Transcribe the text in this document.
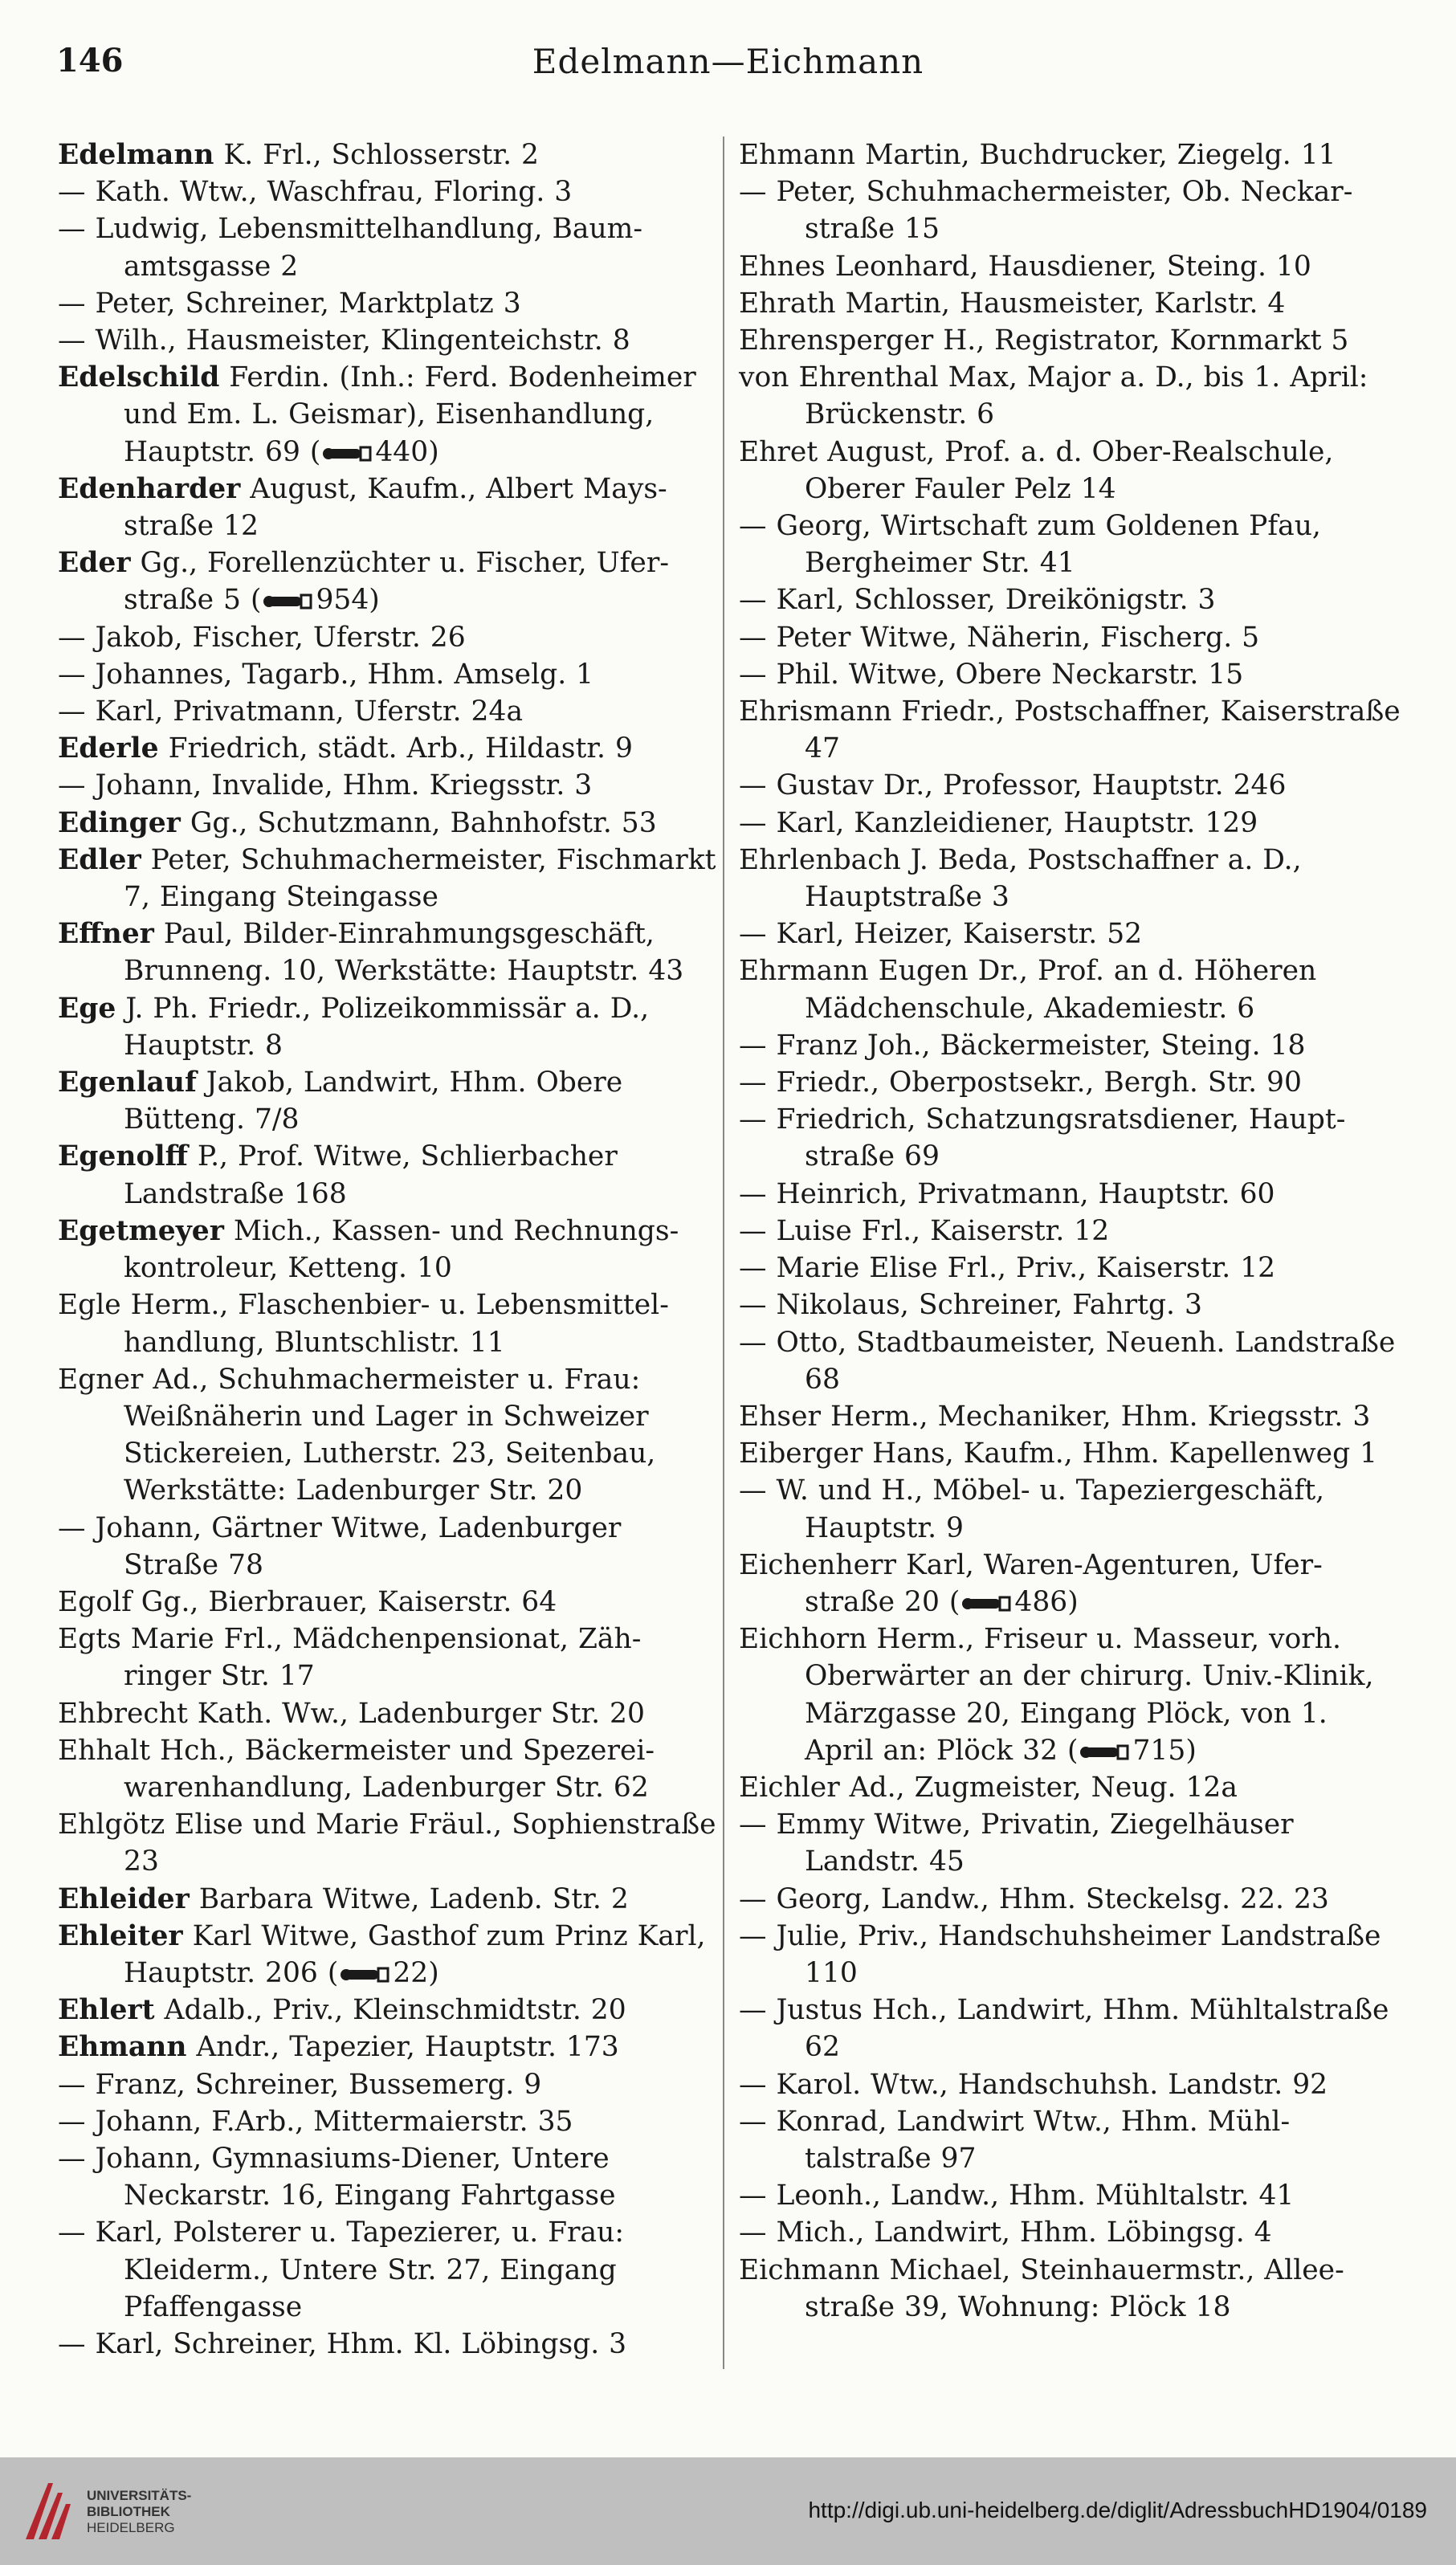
146	Edelmann—Eichmann

Edelmann K. Frl., Schlosserstr. 2

— Kath. Wtw., Waschfrau, Floring. 3

— Ludwig, Lebensmittelhandlung, Baumamtsgasse 2

— Peter, Schreiner, Marktplatz 3

— Wilh., Hausmeister, Klingenteichstr. 8

Edelschild Ferdin. (Inh.: Ferd. Bodenheimer und Em. L. Geismar), Eisenhandlung, Hauptstr. 69 ( 440)

Edenharder August, Kaufm., Albert Maysstraße 12

Eder Gg., Forellenzüchter u. Fischer, Uferstraße 5 ( 954)

— Jakob, Fischer, Uferstr. 26

— Johannes, Tagarb., Hhm. Amselg. 1

— Karl, Privatmann, Uferstr. 24a

Ederle Friedrich, städt. Arb., Hildastr. 9

— Johann, Invalide, Hhm. Kriegsstr. 3

Edinger Gg., Schutzmann, Bahnhofstr. 53

Edler Peter, Schuhmachermeister, Fischmarkt 7, Eingang Steingasse

Effner Paul, Bilder-Einrahmungsgeschäft, Brunneng. 10, Werkstätte: Hauptstr. 43

Ege J. Ph. Friedr., Polizeikommissär a. D., Hauptstr. 8

Egenlauf Jakob, Landwirt, Hhm. Obere Bütteng. 7/8

Egenolff P., Prof. Witwe, Schlierbacher Landstraße 168

Egetmeyer Mich., Kassen- und Rechnungskontroleur, Ketteng. 10

Egle Herm., Flaschenbier- u. Lebensmittelhandlung, Bluntschlistr. 11

Egner Ad., Schuhmachermeister u. Frau: Weißnäherin und Lager in Schweizer Stickereien, Lutherstr. 23, Seitenbau, Werkstätte: Ladenburger Str. 20

— Johann, Gärtner Witwe, Ladenburger Straße 78

Egolf Gg., Bierbrauer, Kaiserstr. 64

Egts Marie Frl., Mädchenpensionat, Zähringer Str. 17

Ehbrecht Kath. Ww., Ladenburger Str. 20

Ehhalt Hch., Bäckermeister und Spezereiwarenhandlung, Ladenburger Str. 62

Ehlgötz Elise und Marie Fräul., Sophienstraße 23

Ehleider Barbara Witwe, Ladenb. Str. 2

Ehleiter Karl Witwe, Gasthof zum Prinz Karl, Hauptstr. 206 ( 22)

Ehlert Adalb., Priv., Kleinschmidtstr. 20

Ehmann Andr., Tapezier, Hauptstr. 173

— Franz, Schreiner, Bussemerg. 9

— Johann, F.Arb., Mittermaierstr. 35

— Johann, Gymnasiums-Diener, Untere Neckarstr. 16, Eingang Fahrtgasse

— Karl, Polsterer u. Tapezierer, u. Frau: Kleiderm., Untere Str. 27, Eingang Pfaffengasse

— Karl, Schreiner, Hhm. Kl. Löbingsg. 3

Ehmann Martin, Buchdrucker, Ziegelg. 11

— Peter, Schuhmachermeister, Ob. Neckarstraße 15

Ehnes Leonhard, Hausdiener, Steing. 10

Ehrath Martin, Hausmeister, Karlstr. 4

Ehrensperger H., Registrator, Kornmarkt 5

von Ehrenthal Max, Major a. D., bis 1. April: Brückenstr. 6

Ehret August, Prof. a. d. Ober-Realschule, Oberer Fauler Pelz 14

— Georg, Wirtschaft zum Goldenen Pfau, Bergheimer Str. 41

— Karl, Schlosser, Dreikönigstr. 3

— Peter Witwe, Näherin, Fischerg. 5

— Phil. Witwe, Obere Neckarstr. 15

Ehrismann Friedr., Postschaffner, Kaiserstraße 47

— Gustav Dr., Professor, Hauptstr. 246

— Karl, Kanzleidiener, Hauptstr. 129

Ehrlenbach J. Beda, Postschaffner a. D., Hauptstraße 3

— Karl, Heizer, Kaiserstr. 52

Ehrmann Eugen Dr., Prof. an d. Höheren Mädchenschule, Akademiestr. 6

— Franz Joh., Bäckermeister, Steing. 18

— Friedr., Oberpostsekr., Bergh. Str. 90

— Friedrich, Schatzungsratsdiener, Hauptstraße 69

— Heinrich, Privatmann, Hauptstr. 60

— Luise Frl., Kaiserstr. 12

— Marie Elise Frl., Priv., Kaiserstr. 12

— Nikolaus, Schreiner, Fahrtg. 3

— Otto, Stadtbaumeister, Neuenh. Landstraße 68

Ehser Herm., Mechaniker, Hhm. Kriegsstr. 3

Eiberger Hans, Kaufm., Hhm. Kapellenweg 1

— W. und H., Möbel- u. Tapeziergeschäft, Hauptstr. 9

Eichenherr Karl, Waren-Agenturen, Uferstraße 20 ( 486)

Eichhorn Herm., Friseur u. Masseur, vorh. Oberwärter an der chirurg. Univ.-Klinik, Märzgasse 20, Eingang Plöck, von 1. April an: Plöck 32 ( 715)

Eichler Ad., Zugmeister, Neug. 12a

— Emmy Witwe, Privatin, Ziegelhäuser Landstr. 45

— Georg, Landw., Hhm. Steckelsg. 22. 23

— Julie, Priv., Handschuhsheimer Landstraße 110

— Justus Hch., Landwirt, Hhm. Mühltalstraße 62

— Karol. Wtw., Handschuhsh. Landstr. 92

— Konrad, Landwirt Wtw., Hhm. Mühltalstraße 97

— Leonh., Landw., Hhm. Mühltalstr. 41

— Mich., Landwirt, Hhm. Löbingsg. 4

Eichmann Michael, Steinhauermstr., Alleestraße 39, Wohnung: Plöck 18

UNIVERSITÄTS-
BIBLIOTHEK
HEIDELBERG
http://digi.ub.uni-heidelberg.de/diglit/AdressbuchHD1904/0189
